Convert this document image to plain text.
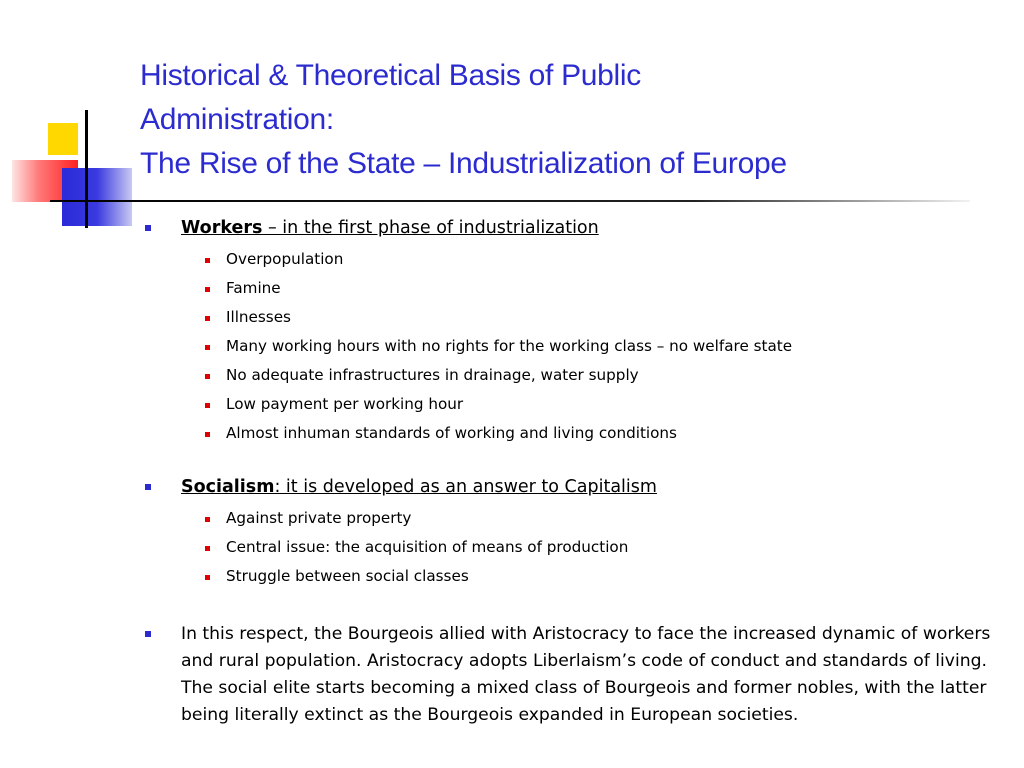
Historical & Theoretical Basis of Public
Administration:
The Rise of the State – Industrialization of Europe
Workers – in the first phase of industrialization
Overpopulation
Famine
Illnesses
Many working hours with no rights for the working class – no welfare state
No adequate infrastructures in drainage, water supply
Low payment per working hour
Almost inhuman standards of working and living conditions
Socialism: it is developed as an answer to Capitalism
Against private property
Central issue: the acquisition of means of production
Struggle between social classes
In this respect, the Bourgeois allied with Aristocracy to face the increased dynamic of workers and rural population. Aristocracy adopts Liberlaism’s code of conduct and standards of living. The social elite starts becoming a mixed class of Bourgeois and former nobles, with the latter being literally extinct as the Bourgeois expanded in European societies.
